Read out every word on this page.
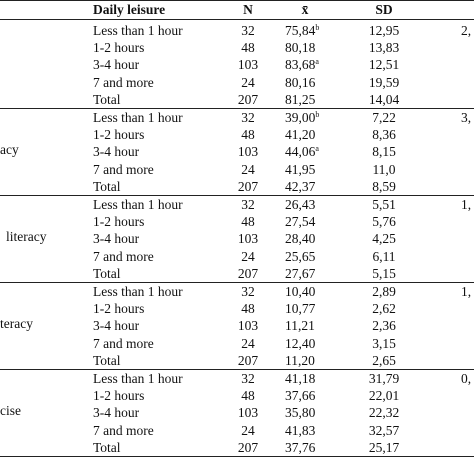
Daily leisure	N	x̄	SD
2,
Less than 1 hour	32	75,84$^b$	12,95
1-2 hours	48	80,18	13,83
3-4 hour	103	83,68$^a$	12,51
7 and more	24	80,16	19,59
Total	207	81,25	14,04
acy
3,
Less than 1 hour	32	39,00$^b$	7,22
1-2 hours	48	41,20	8,36
3-4 hour	103	44,06$^a$	8,15
7 and more	24	41,95	11,0
Total	207	42,37	8,59
literacy
1,
Less than 1 hour	32	26,43	5,51
1-2 hours	48	27,54	5,76
3-4 hour	103	28,40	4,25
7 and more	24	25,65	6,11
Total	207	27,67	5,15
teracy
1,
Less than 1 hour	32	10,40	2,89
1-2 hours	48	10,77	2,62
3-4 hour	103	11,21	2,36
7 and more	24	12,40	3,15
Total	207	11,20	2,65
cise
0,
Less than 1 hour	32	41,18	31,79
1-2 hours	48	37,66	22,01
3-4 hour	103	35,80	22,32
7 and more	24	41,83	32,57
Total	207	37,76	25,17
